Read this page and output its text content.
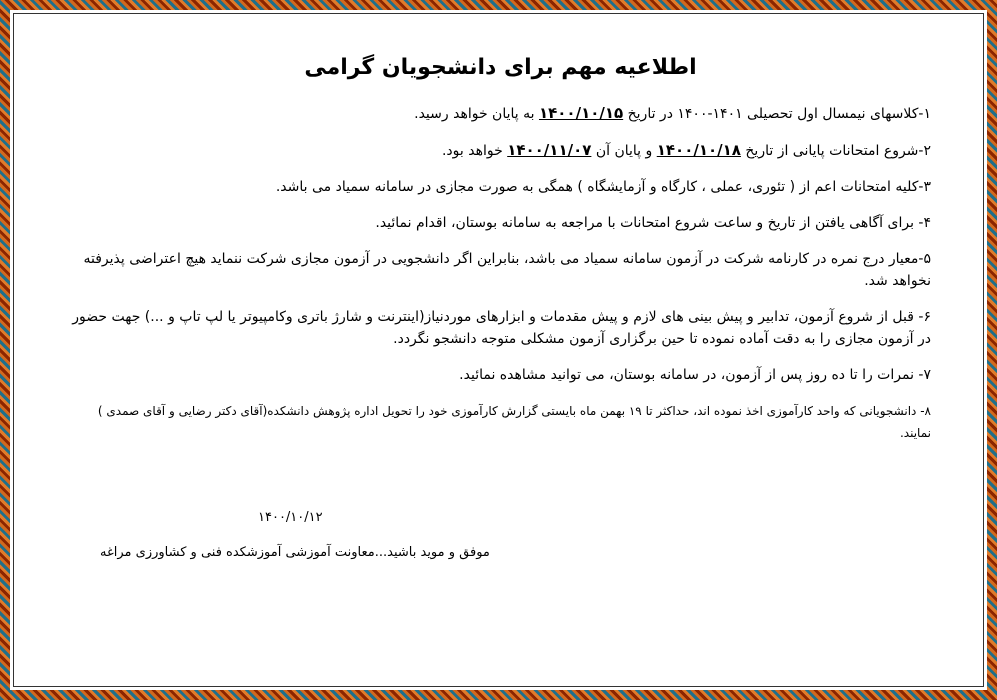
اطلاعیه مهم برای دانشجویان گرامی
۱-کلاسهای نیمسال اول تحصیلی ۱۴۰۱-۱۴۰۰ در تاریخ ۱۴۰۰/۱۰/۱۵ به پایان خواهد رسید.
۲-شروع امتحانات پایانی از تاریخ ۱۴۰۰/۱۰/۱۸ و پایان آن ۱۴۰۰/۱۱/۰۷ خواهد بود.
۳-کلیه امتحانات اعم از ( تئوری، عملی ، کارگاه و آزمایشگاه ) همگی به صورت مجازی در سامانه سمیاد می باشد.
۴- برای آگاهی یافتن از تاریخ و ساعت شروع امتحانات با مراجعه به سامانه بوستان، اقدام نمائید.
۵-معیار درج نمره در کارنامه شرکت در آزمون سامانه سمیاد می باشد، بنابراین اگر دانشجویی در آزمون مجازی شرکت ننماید هیچ اعتراضی پذیرفته نخواهد شد.
۶- قبل از شروع آزمون، تدابیر و پیش بینی های لازم و پیش مقدمات و ابزارهای موردنیاز(اینترنت و شارژ باتری وکامپیوتر یا لپ تاپ و ...) جهت حضور در آزمون مجازی را به دقت آماده نموده تا حین برگزاری آزمون مشکلی متوجه دانشجو نگردد.
۷- نمرات را تا ده روز پس از آزمون، در سامانه بوستان، می توانید مشاهده نمائید.
۸- دانشجویانی که واحد کارآموزی اخذ نموده اند، حداکثر تا ۱۹ بهمن ماه بایستی گزارش کارآموزی خود را تحویل اداره پژوهش دانشکده(آقای دکتر رضایی و آقای صمدی ) نمایند.
۱۴۰۰/۱۰/۱۲
موفق و موید باشید...معاونت آموزشی آموزشکده فنی و کشاورزی مراغه
